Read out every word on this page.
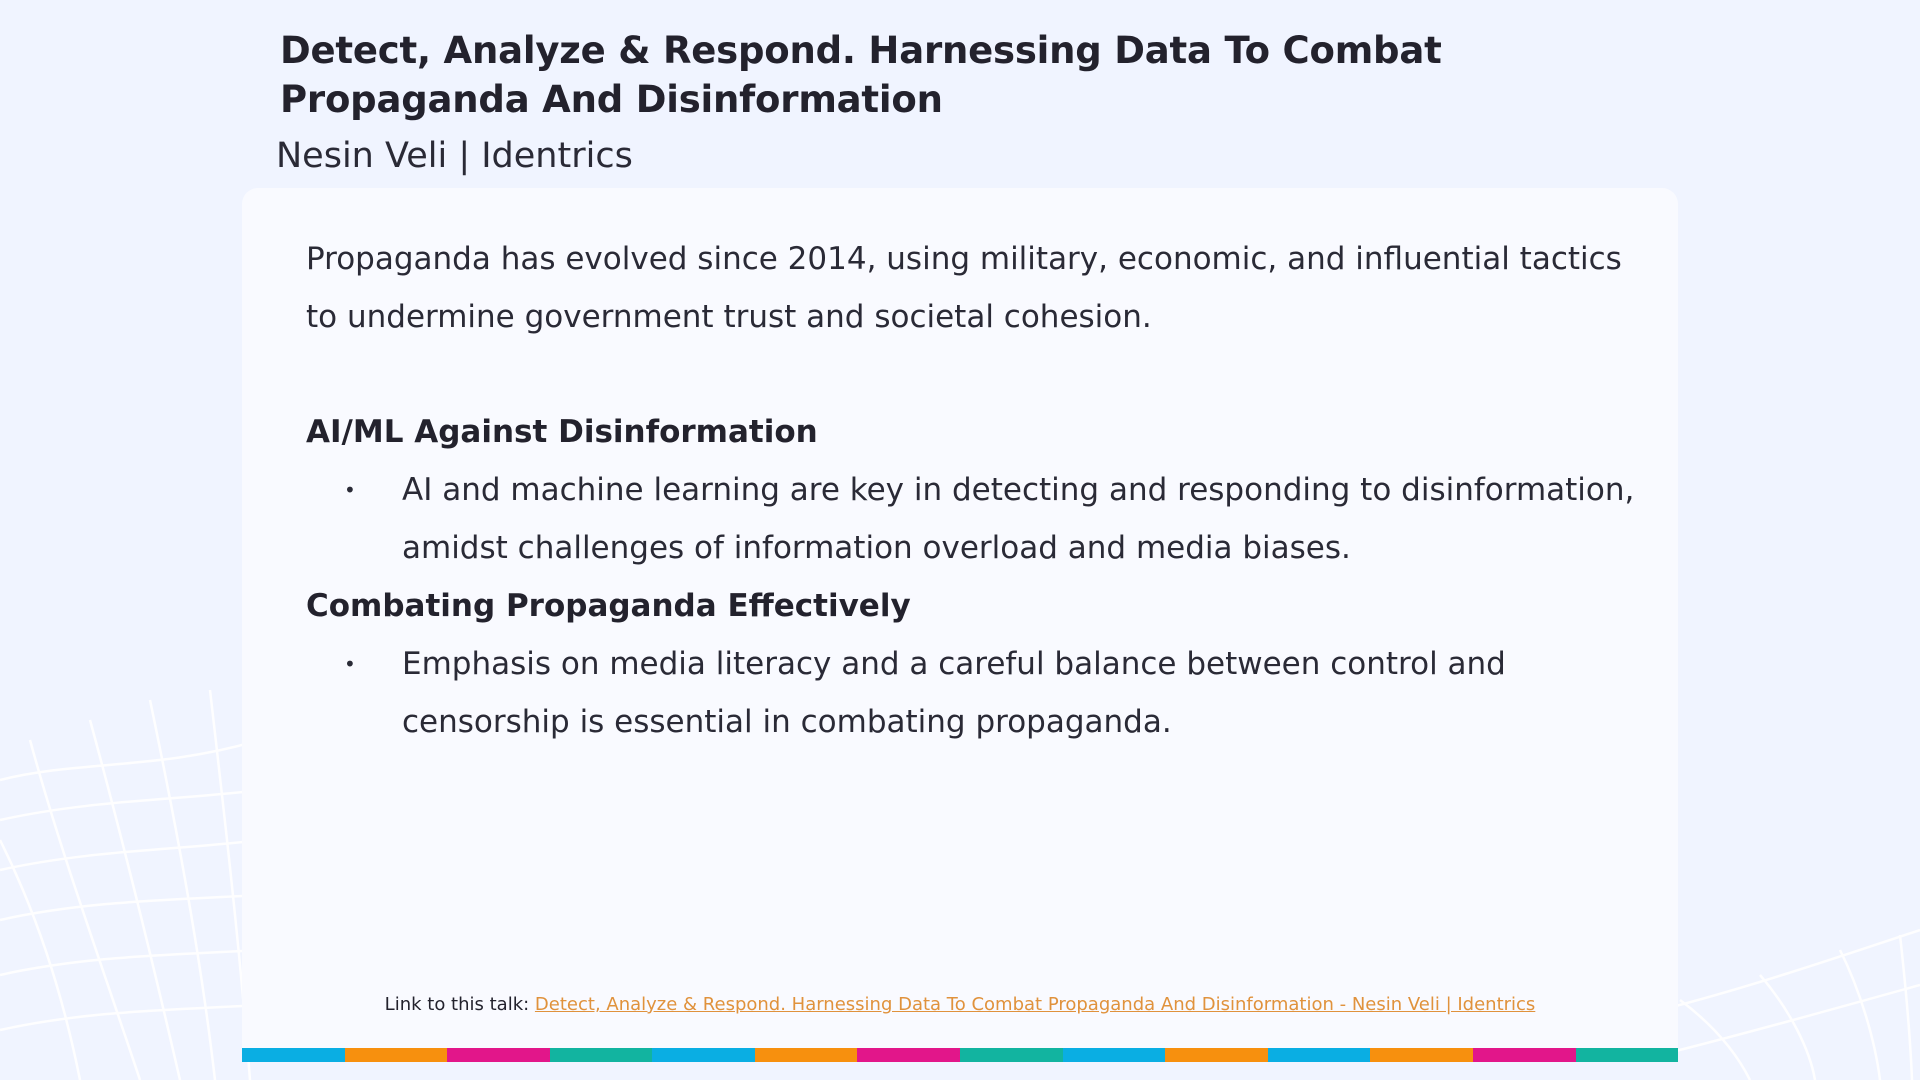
Detect, Analyze & Respond. Harnessing Data To Combat Propaganda And Disinformation
Nesin Veli | Identrics

Propaganda has evolved since 2014, using military, economic, and influential tactics to undermine government trust and societal cohesion.

AI/ML Against Disinformation
• AI and machine learning are key in detecting and responding to disinformation, amidst challenges of information overload and media biases.
Combating Propaganda Effectively
• Emphasis on media literacy and a careful balance between control and censorship is essential in combating propaganda.
Link to this talk: Detect, Analyze & Respond. Harnessing Data To Combat Propaganda And Disinformation - Nesin Veli | Identrics
